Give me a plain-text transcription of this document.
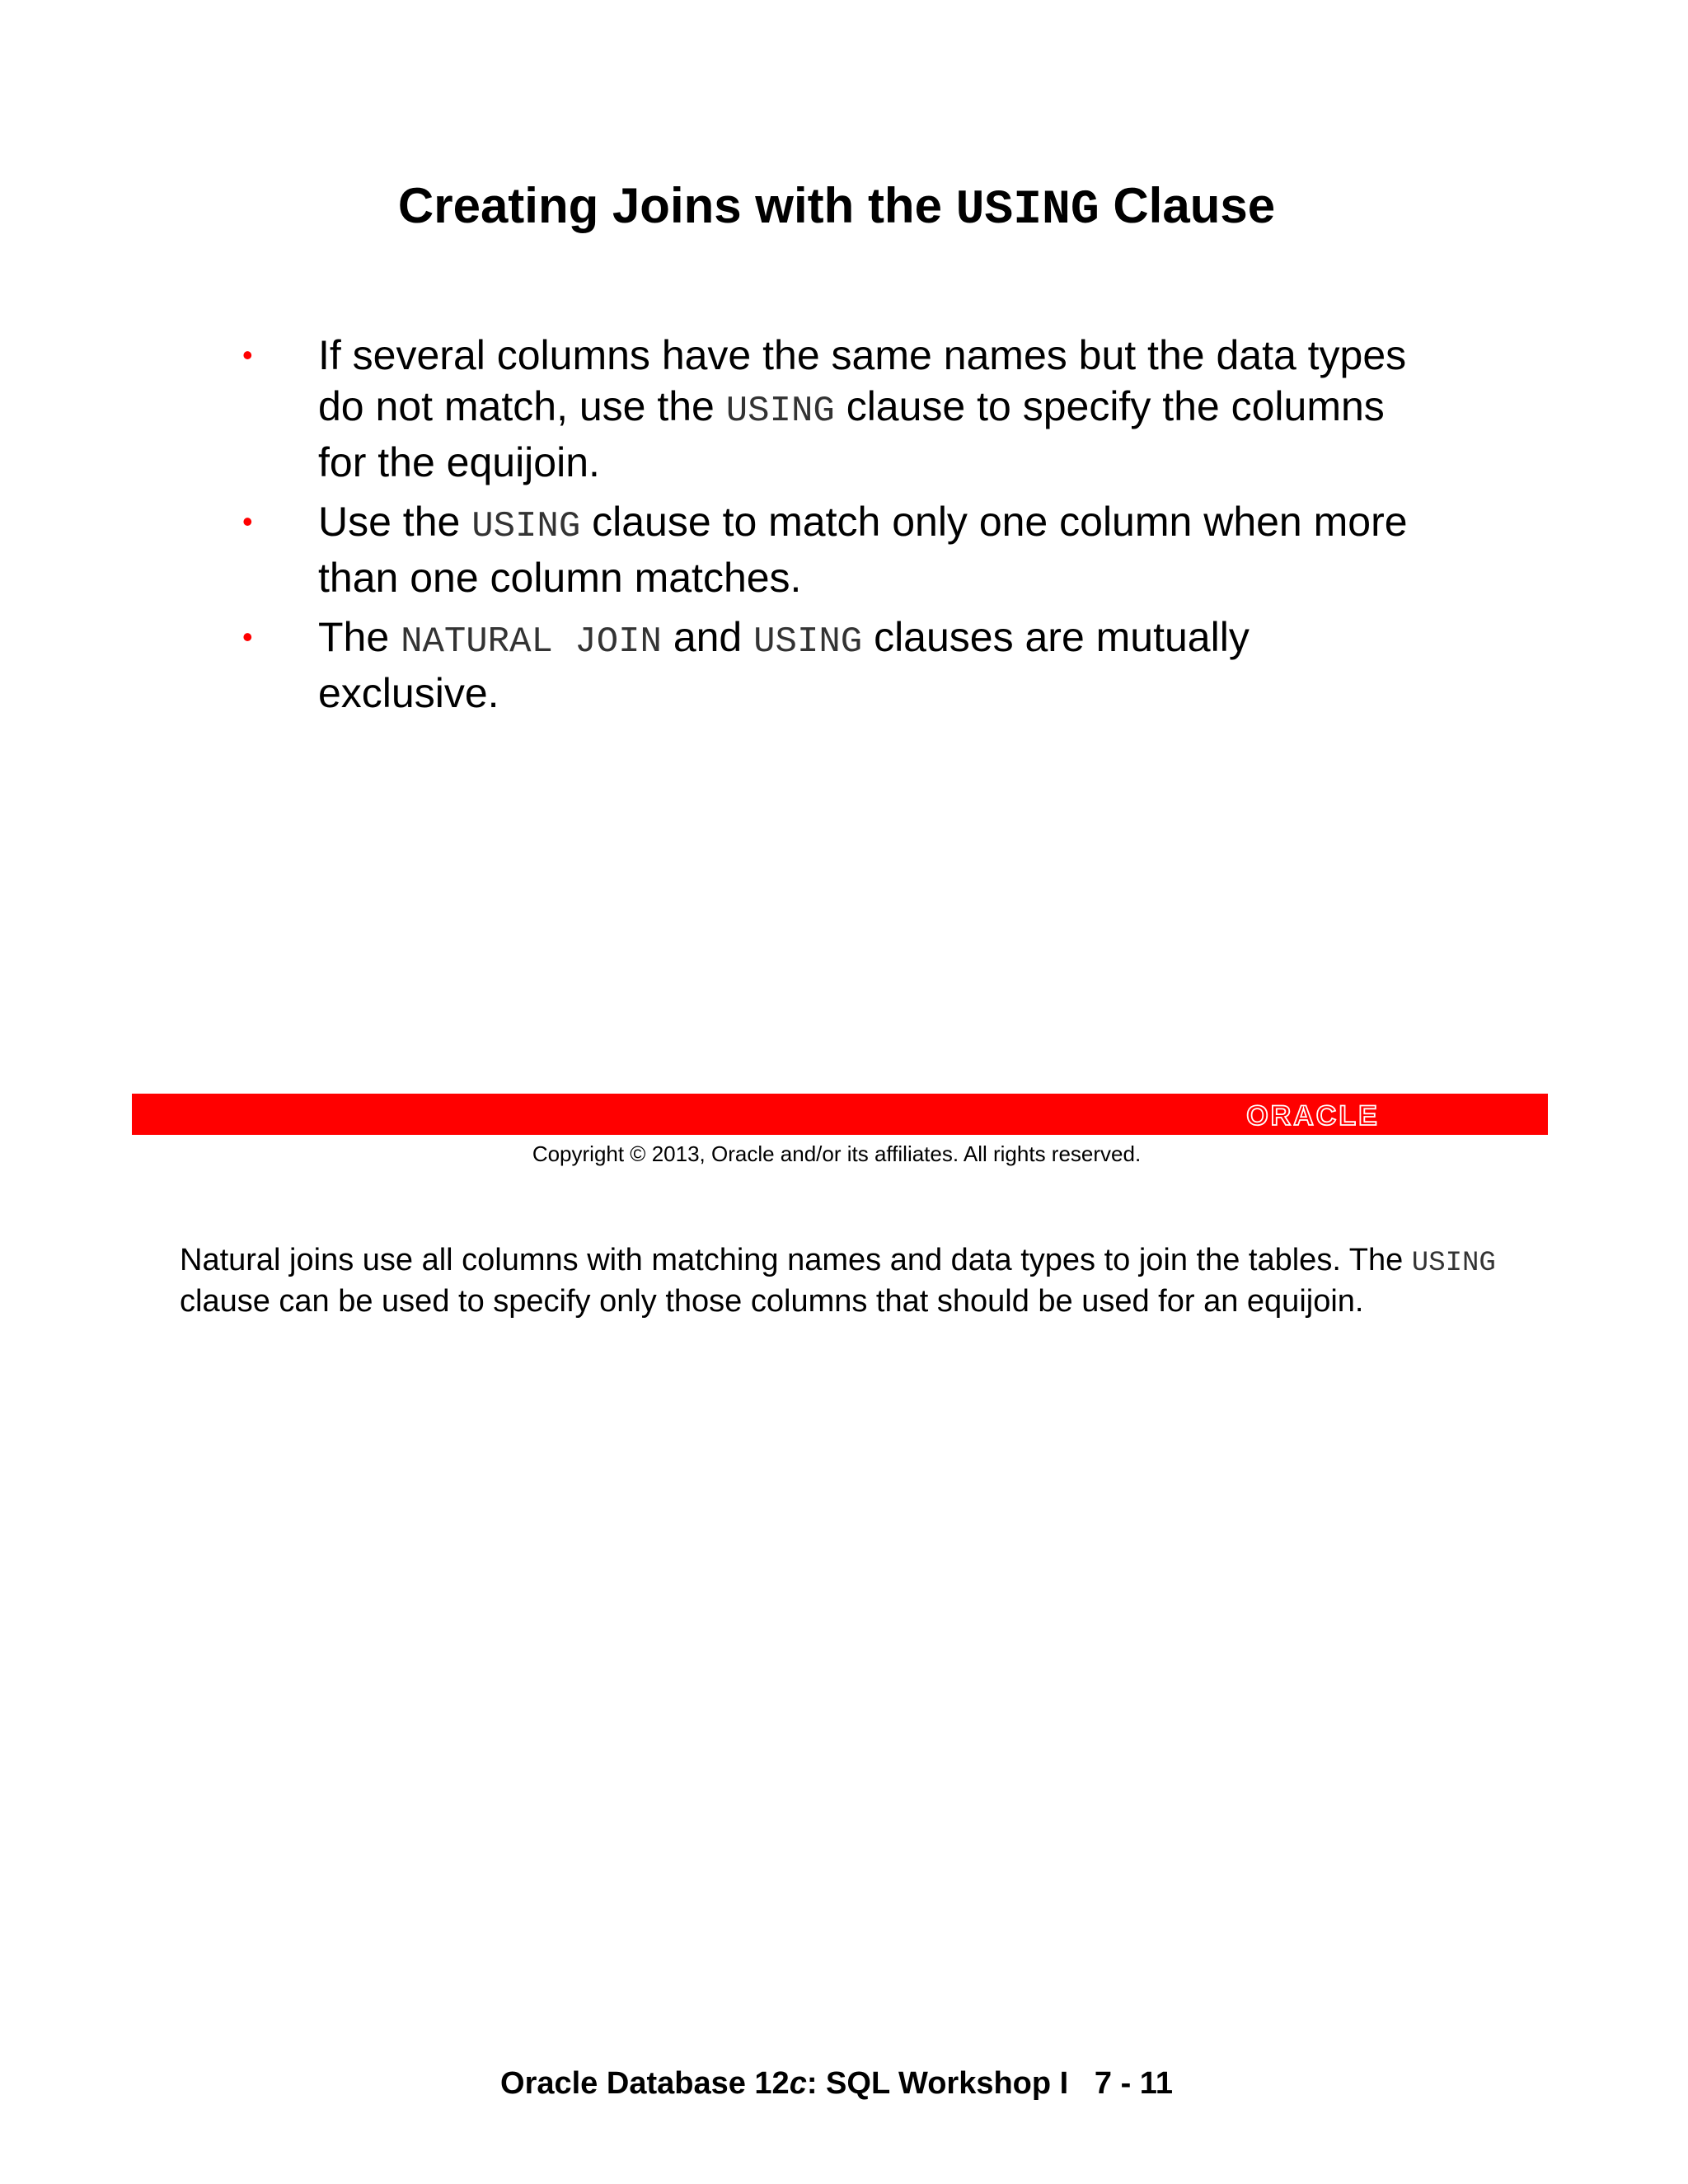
Creating Joins with the USING Clause
• If several columns have the same names but the data types do not match, use the USING clause to specify the columns for the equijoin.
• Use the USING clause to match only one column when more than one column matches.
• The NATURAL JOIN and USING clauses are mutually exclusive.
ORACLE
Copyright © 2013, Oracle and/or its affiliates. All rights reserved.
Natural joins use all columns with matching names and data types to join the tables. The USING clause can be used to specify only those columns that should be used for an equijoin.
Oracle Database 12c: SQL Workshop I   7 - 11
